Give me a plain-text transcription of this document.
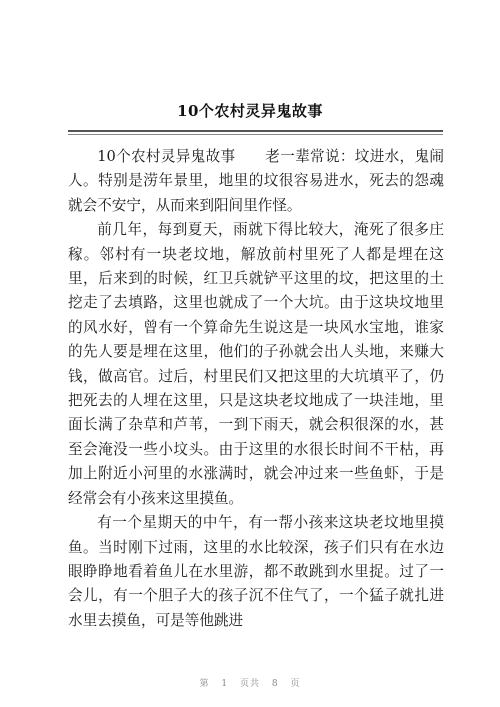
10个农村灵异鬼故事

10个农村灵异鬼故事　　老一辈常说：坟进水，鬼闹人。特别是涝年景里，地里的坟很容易进水，死去的怨魂就会不安宁，从而来到阳间里作怪。

前几年，每到夏天，雨就下得比较大，淹死了很多庄稼。邻村有一块老坟地，解放前村里死了人都是埋在这里，后来到的时候，红卫兵就铲平这里的坟，把这里的土挖走了去填路，这里也就成了一个大坑。由于这块坟地里的风水好，曾有一个算命先生说这是一块风水宝地，谁家的先人要是埋在这里，他们的子孙就会出人头地，来赚大钱，做高官。过后，村里民们又把这里的大坑填平了，仍把死去的人埋在这里，只是这块老坟地成了一块洼地，里面长满了杂草和芦苇，一到下雨天，就会积很深的水，甚至会淹没一些小坟头。由于这里的水很长时间不干枯，再加上附近小河里的水涨满时，就会冲过来一些鱼虾，于是经常会有小孩来这里摸鱼。

有一个星期天的中午，有一帮小孩来这块老坟地里摸鱼。当时刚下过雨，这里的水比较深，孩子们只有在水边眼睁睁地看着鱼儿在水里游，都不敢跳到水里捉。过了一会儿，有一个胆子大的孩子沉不住气了，一个猛子就扎进水里去摸鱼，可是等他跳进

第 1 页共 8 页
